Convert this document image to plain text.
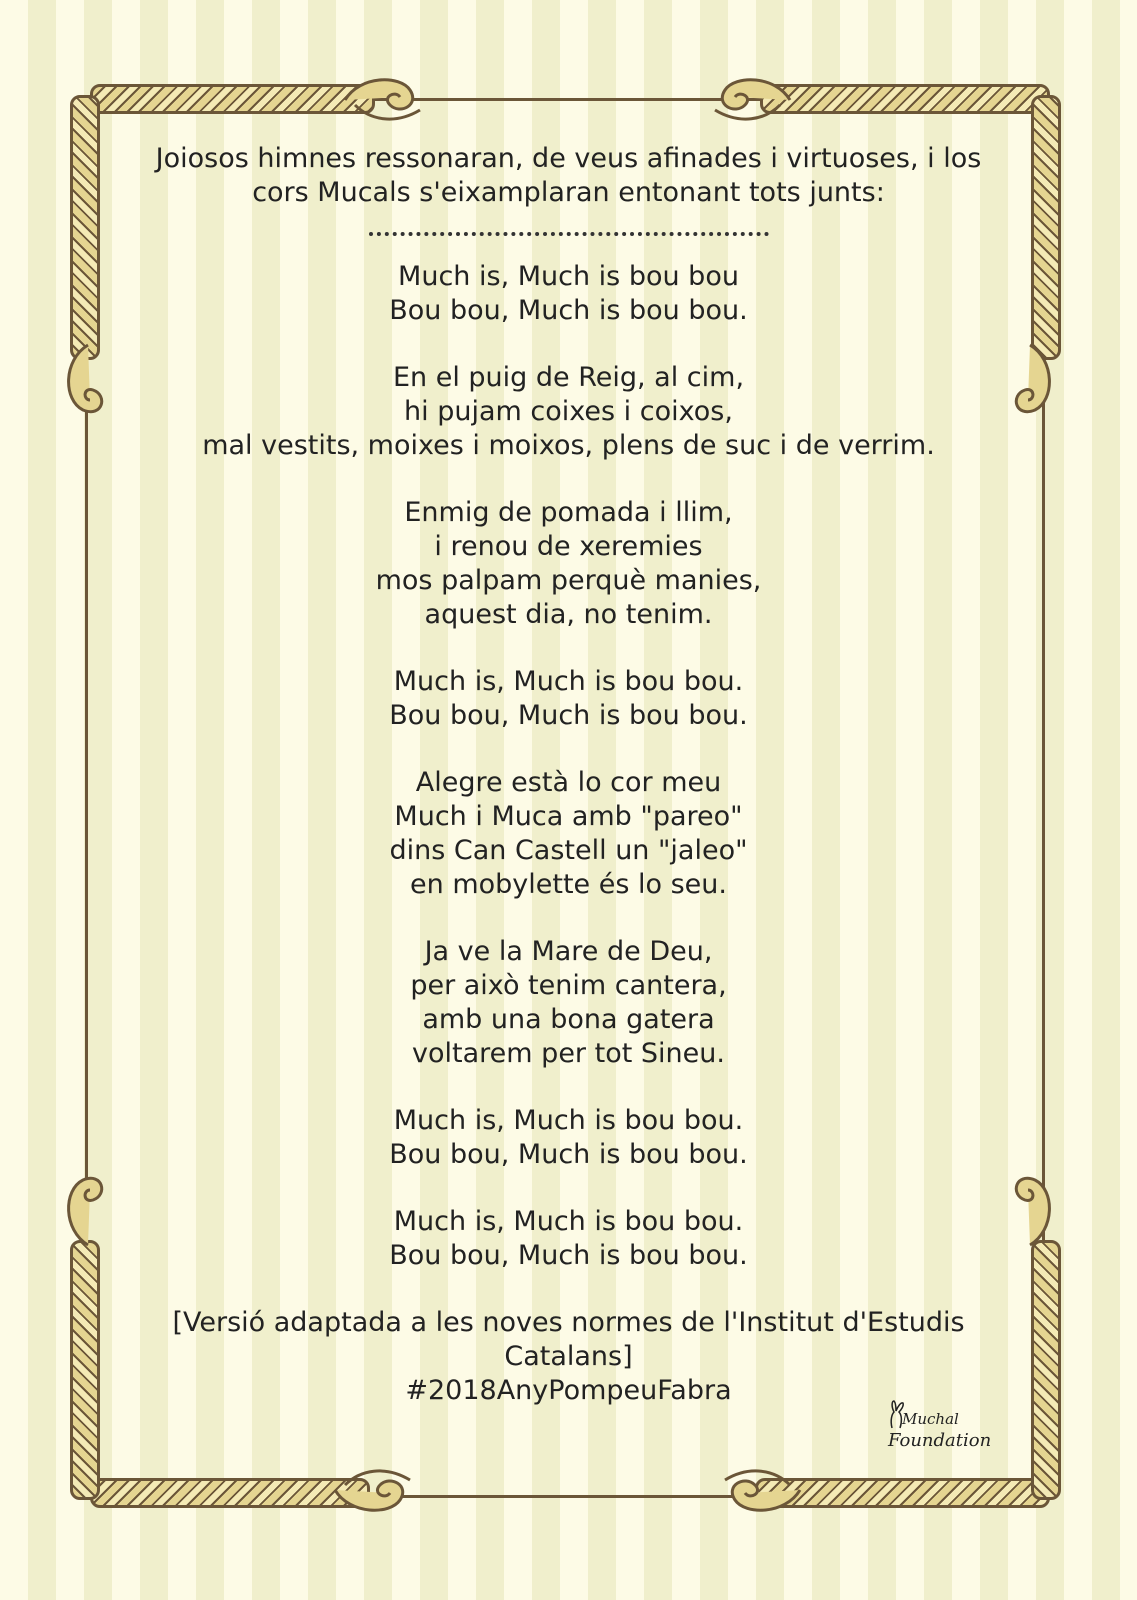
Joiosos himnes ressonaran, de veus afinades i virtuoses, i los
cors Mucals s'eixamplaran entonant tots junts:

Much is, Much is bou bou
Bou bou, Much is bou bou.

En el puig de Reig, al cim,
hi pujam coixes i coixos,
mal vestits, moixes i moixos, plens de suc i de verrim.

Enmig de pomada i llim,
i renou de xeremies
mos palpam perquè manies,
aquest dia, no tenim.

Much is, Much is bou bou.
Bou bou, Much is bou bou.

Alegre està lo cor meu
Much i Muca amb "pareo"
dins Can Castell un "jaleo"
en mobylette és lo seu.

Ja ve la Mare de Deu,
per això tenim cantera,
amb una bona gatera
voltarem per tot Sineu.

Much is, Much is bou bou.
Bou bou, Much is bou bou.

Much is, Much is bou bou.
Bou bou, Much is bou bou.

[Versió adaptada a les noves normes de l'Institut d'Estudis Catalans]
#2018AnyPompeuFabra
Muchal
Foundation
